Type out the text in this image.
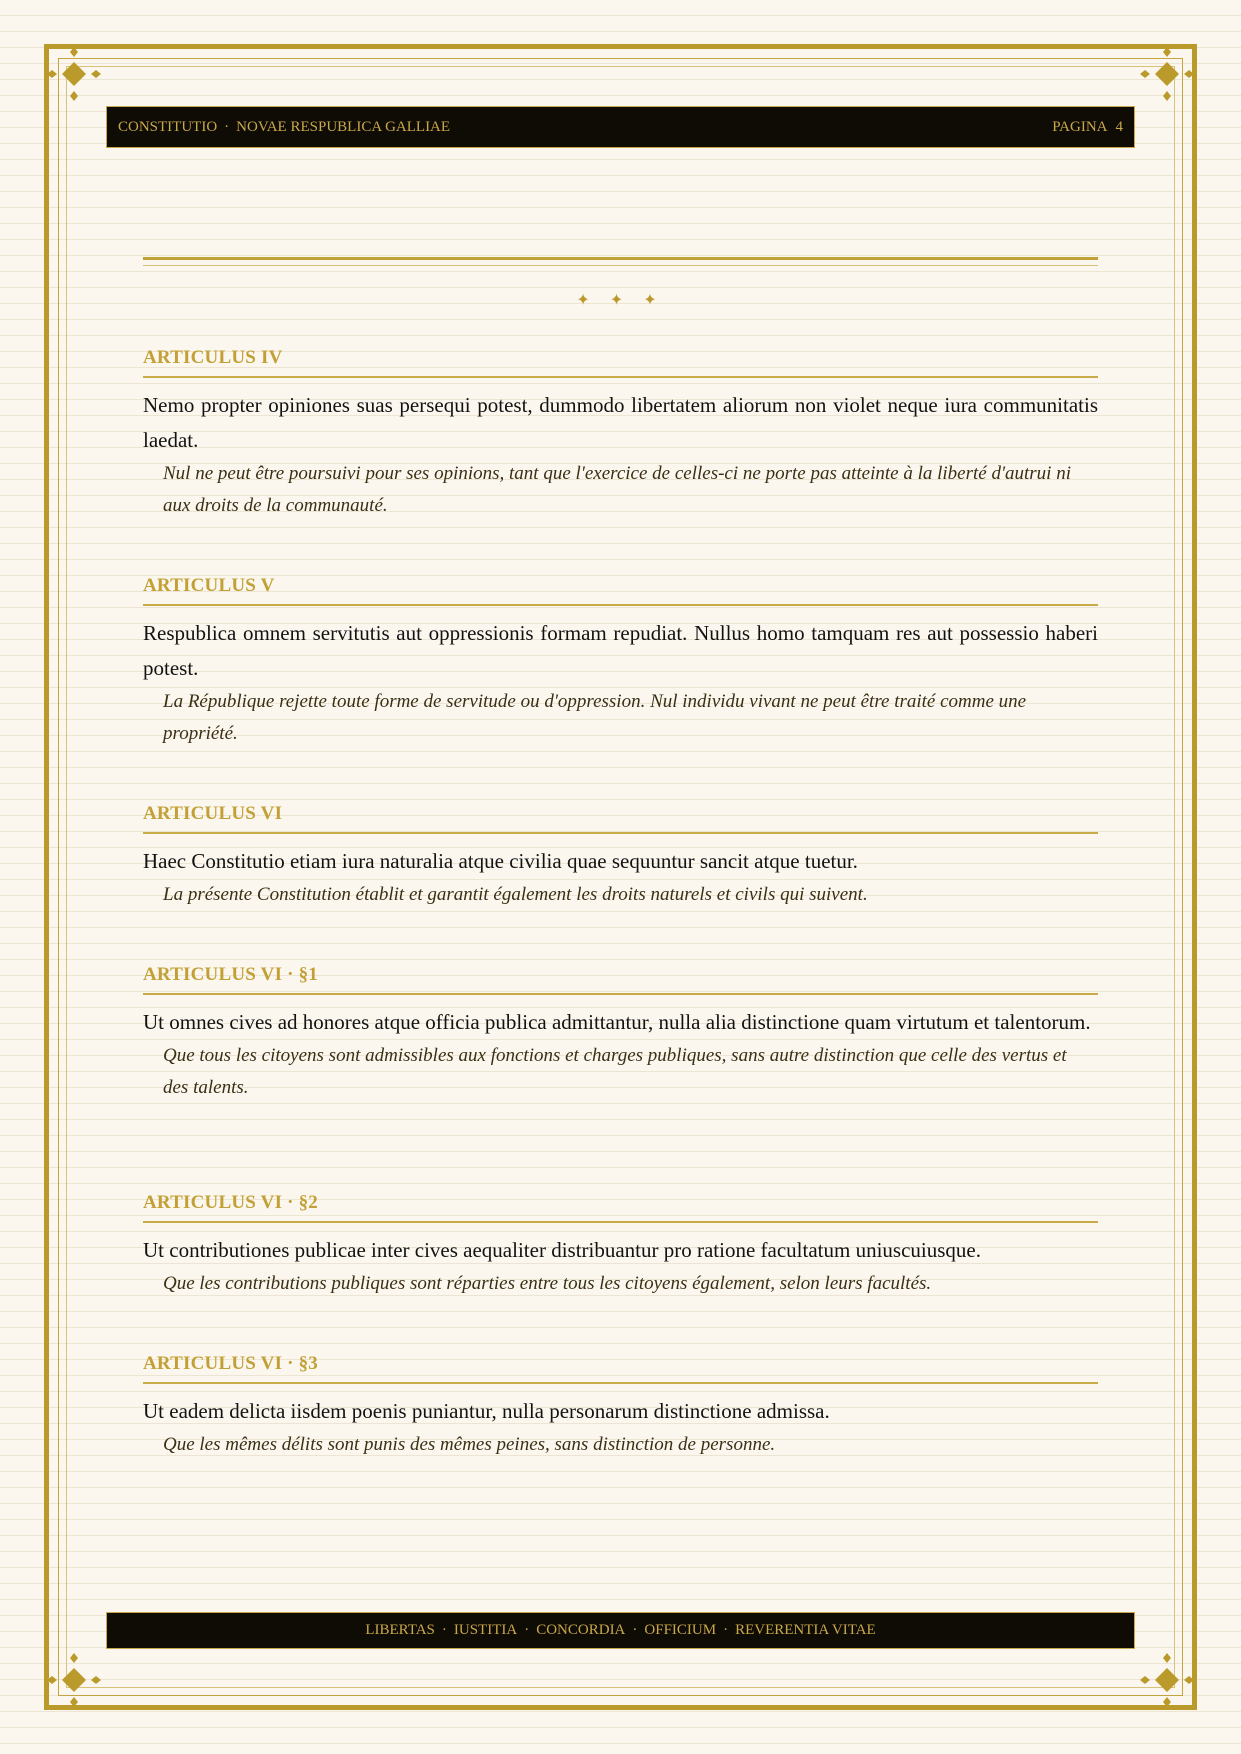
CONSTITUTIO · NOVAE RESPUBLICA GALLIAE	PAGINA 4
✦ ✦ ✦
ARTICULUS IV
Nemo propter opiniones suas persequi potest, dummodo libertatem aliorum non violet neque iura communitatis laedat.
Nul ne peut être poursuivi pour ses opinions, tant que l'exercice de celles-ci ne porte pas atteinte à la liberté d'autrui ni aux droits de la communauté.
ARTICULUS V
Respublica omnem servitutis aut oppressionis formam repudiat. Nullus homo tamquam res aut possessio haberi potest.
La République rejette toute forme de servitude ou d'oppression. Nul individu vivant ne peut être traité comme une propriété.
ARTICULUS VI
Haec Constitutio etiam iura naturalia atque civilia quae sequuntur sancit atque tuetur.
La présente Constitution établit et garantit également les droits naturels et civils qui suivent.
ARTICULUS VI · §1
Ut omnes cives ad honores atque officia publica admittantur, nulla alia distinctione quam virtutum et talentorum.
Que tous les citoyens sont admissibles aux fonctions et charges publiques, sans autre distinction que celle des vertus et des talents.
ARTICULUS VI · §2
Ut contributiones publicae inter cives aequaliter distribuantur pro ratione facultatum uniuscuiusque.
Que les contributions publiques sont réparties entre tous les citoyens également, selon leurs facultés.
ARTICULUS VI · §3
Ut eadem delicta iisdem poenis puniantur, nulla personarum distinctione admissa.
Que les mêmes délits sont punis des mêmes peines, sans distinction de personne.
LIBERTAS · IUSTITIA · CONCORDIA · OFFICIUM · REVERENTIA VITAE
